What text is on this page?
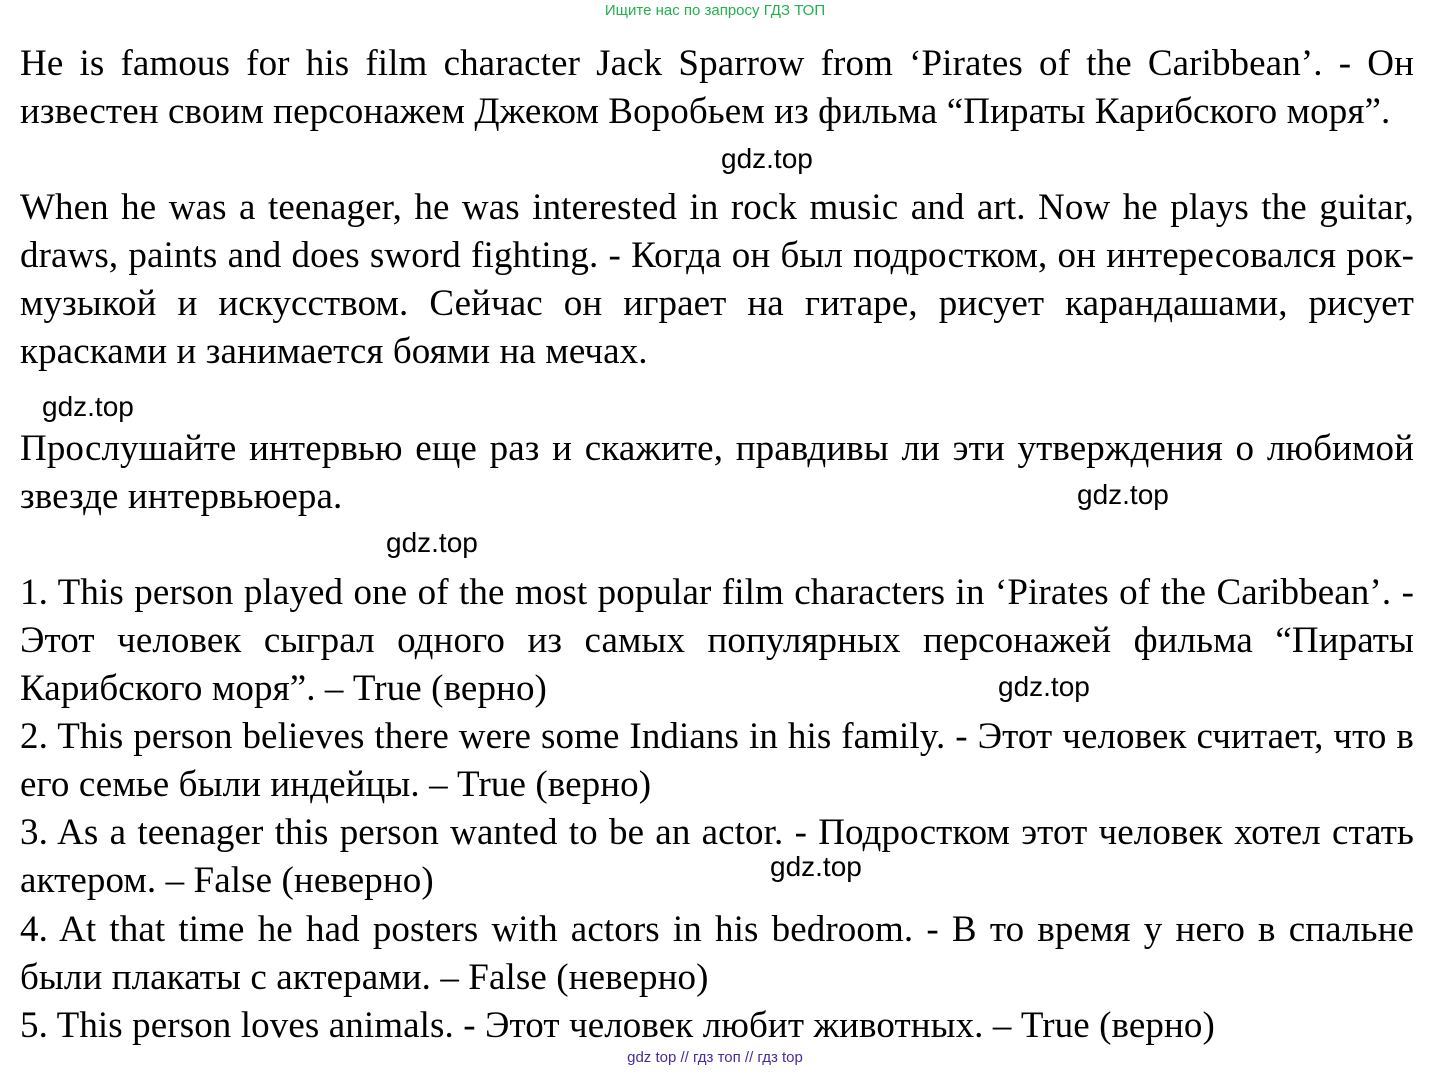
Ищите нас по запросу ГДЗ ТОП
He is famous for his film character Jack Sparrow from ‘Pirates of the Caribbean’. - Он известен своим персонажем Джеком Воробьем из фильма “Пираты Карибского моря”.
gdz.top
When he was a teenager, he was interested in rock music and art. Now he plays the guitar, draws, paints and does sword fighting. - Когда он был подростком, он интересовался рок-музыкой и искусством. Сейчас он играет на гитаре, рисует карандашами, рисует красками и занимается боями на мечах.
gdz.top
Прослушайте интервью еще раз и скажите, правдивы ли эти утверждения о любимой звезде интервьюера.	gdz.top
gdz.top
1. This person played one of the most popular film characters in ‘Pirates of the Caribbean’. - Этот человек сыграл одного из самых популярных персонажей фильма “Пираты Карибского моря”. – True (верно)	gdz.top
2. This person believes there were some Indians in his family. - Этот человек считает, что в его семье были индейцы. – True (верно)
3. As a teenager this person wanted to be an actor. - Подростком этот человек хотел стать актером. – False (неверно)	gdz.top
4. At that time he had posters with actors in his bedroom. - В то время у него в спальне были плакаты с актерами. – False (неверно)
5. This person loves animals. - Этот человек любит животных. – True (верно)
gdz top // гдз топ // гдз top
